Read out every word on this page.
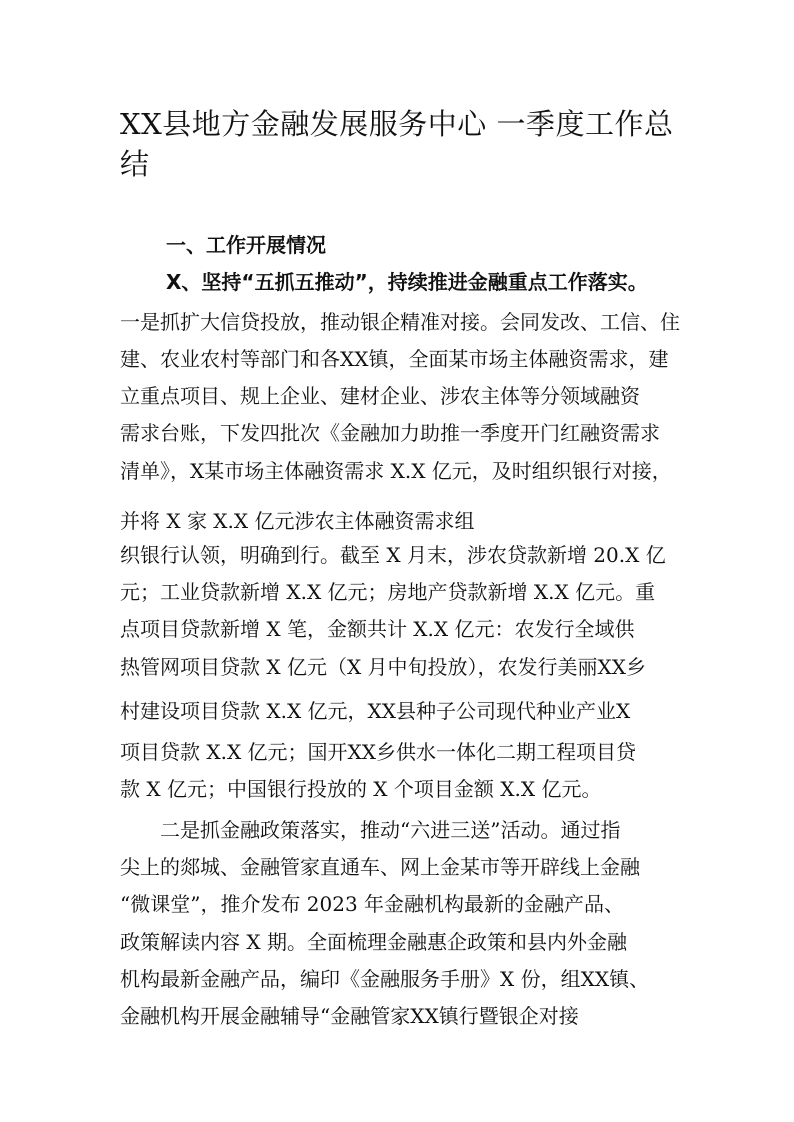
XX县地方金融发展服务中心 一季度工作总
结

一、工作开展情况

X、坚持“五抓五推动”，持续推进金融重点工作落实。

一是抓扩大信贷投放，推动银企精准对接。会同发改、工信、住

建、农业农村等部门和各XX镇，全面某市场主体融资需求，建

立重点项目、规上企业、建材企业、涉农主体等分领域融资

需求台账，下发四批次《金融加力助推一季度开门红融资需求

清单》，X某市场主体融资需求 X.X 亿元，及时组织银行对接，

并将 X 家 X.X 亿元涉农主体融资需求组

织银行认领，明确到行。截至 X 月末，涉农贷款新增 20.X 亿

元；工业贷款新增 X.X 亿元；房地产贷款新增 X.X 亿元。重

点项目贷款新增 X 笔，金额共计 X.X 亿元：农发行全域供

热管网项目贷款 X 亿元（X 月中旬投放），农发行美丽XX乡

村建设项目贷款 X.X 亿元，XX县种子公司现代种业产业X

项目贷款 X.X 亿元；国开XX乡供水一体化二期工程项目贷

款 X 亿元；中国银行投放的 X 个项目金额 X.X 亿元。

　　二是抓金融政策落实，推动“六进三送”活动。通过指

尖上的郯城、金融管家直通车、网上金某市等开辟线上金融

“微课堂”，推介发布 2023 年金融机构最新的金融产品、

政策解读内容 X 期。全面梳理金融惠企政策和县内外金融

机构最新金融产品，编印《金融服务手册》X 份，组XX镇、

金融机构开展金融辅导“金融管家XX镇行暨银企对接
